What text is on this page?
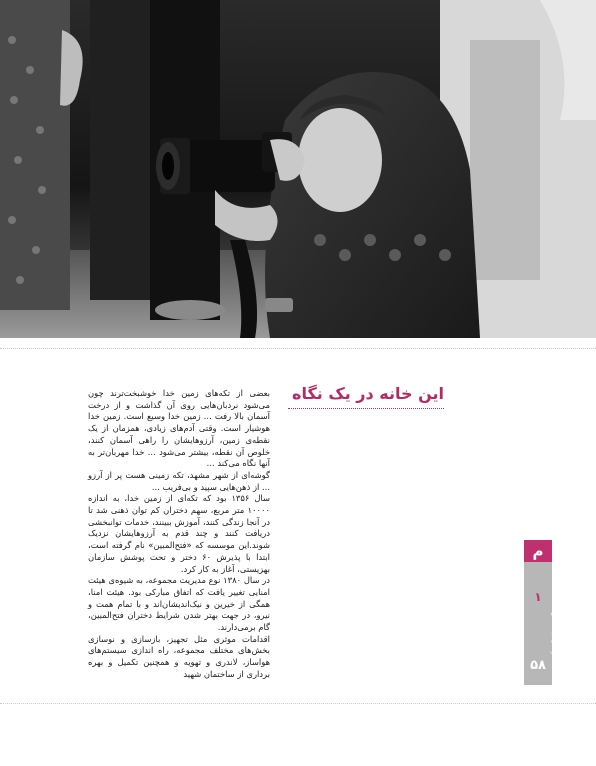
این خانه در یک نگاه

بعضی از تکه‌های زمین خدا خوشبخت‌ترند چون می‌شود نردبان‌هایی روی آن گذاشت و از درخت آسمان بالا رفت ... زمین خدا وسیع است. زمین خدا هوشیار است. وقتی آدم‌های زیادی، همزمان از یک نقطه‌ی زمین، آرزوهایشان را راهی آسمان کنند، خلوص آن نقطه، بیشتر می‌شود ... خدا مهربان‌تر به آنها نگاه می‌کند ...

گوشه‌ای از شهر مشهد، تکه زمینی هست پر از آرزو ... از ذهن‌هایی سپید و بی‌فریب ...

سال ۱۳۵۶ بود که تکه‌ای از زمین خدا، به اندازه ۱۰۰۰۰ متر مربع، سهم دختران کم توان ذهنی شد تا در آنجا زندگی کنند، آموزش ببینند، خدمات توانبخشی دریافت کنند و چند قدم به آرزوهایشان نزدیک شوند.این موسسه که «فتح‌المبین» نام گرفته است، ابتدا با پذیرش ۶۰ دختر و تحت پوشش سازمان بهزیستی، آغاز به کار کرد.

در سال ۱۳۸۰ نوع مدیریت مجموعه، به شیوه‌ی هیئت امنایی تغییر یافت که اتفاق مبارکی بود. هیئت امنا، همگی از خیرین و نیک‌اندیشان‌اند و با تمام همت و نیرو، در جهت بهتر شدن شرایط دختران فتح‌المبین، گام برمی‌دارند.

اقدامات موثری مثل تجهیز، بازسازی و نوسازی بخش‌های مختلف مجموعه، راه اندازی سیستم‌های هواساز، لاندری و تهویه و همچنین تکمیل و بهره برداری از ساختمان شهید

م
ماهنامه فرهنگی، اجتماعی، اطلاع رسانی بنیاد احسان
۱
۵۸
